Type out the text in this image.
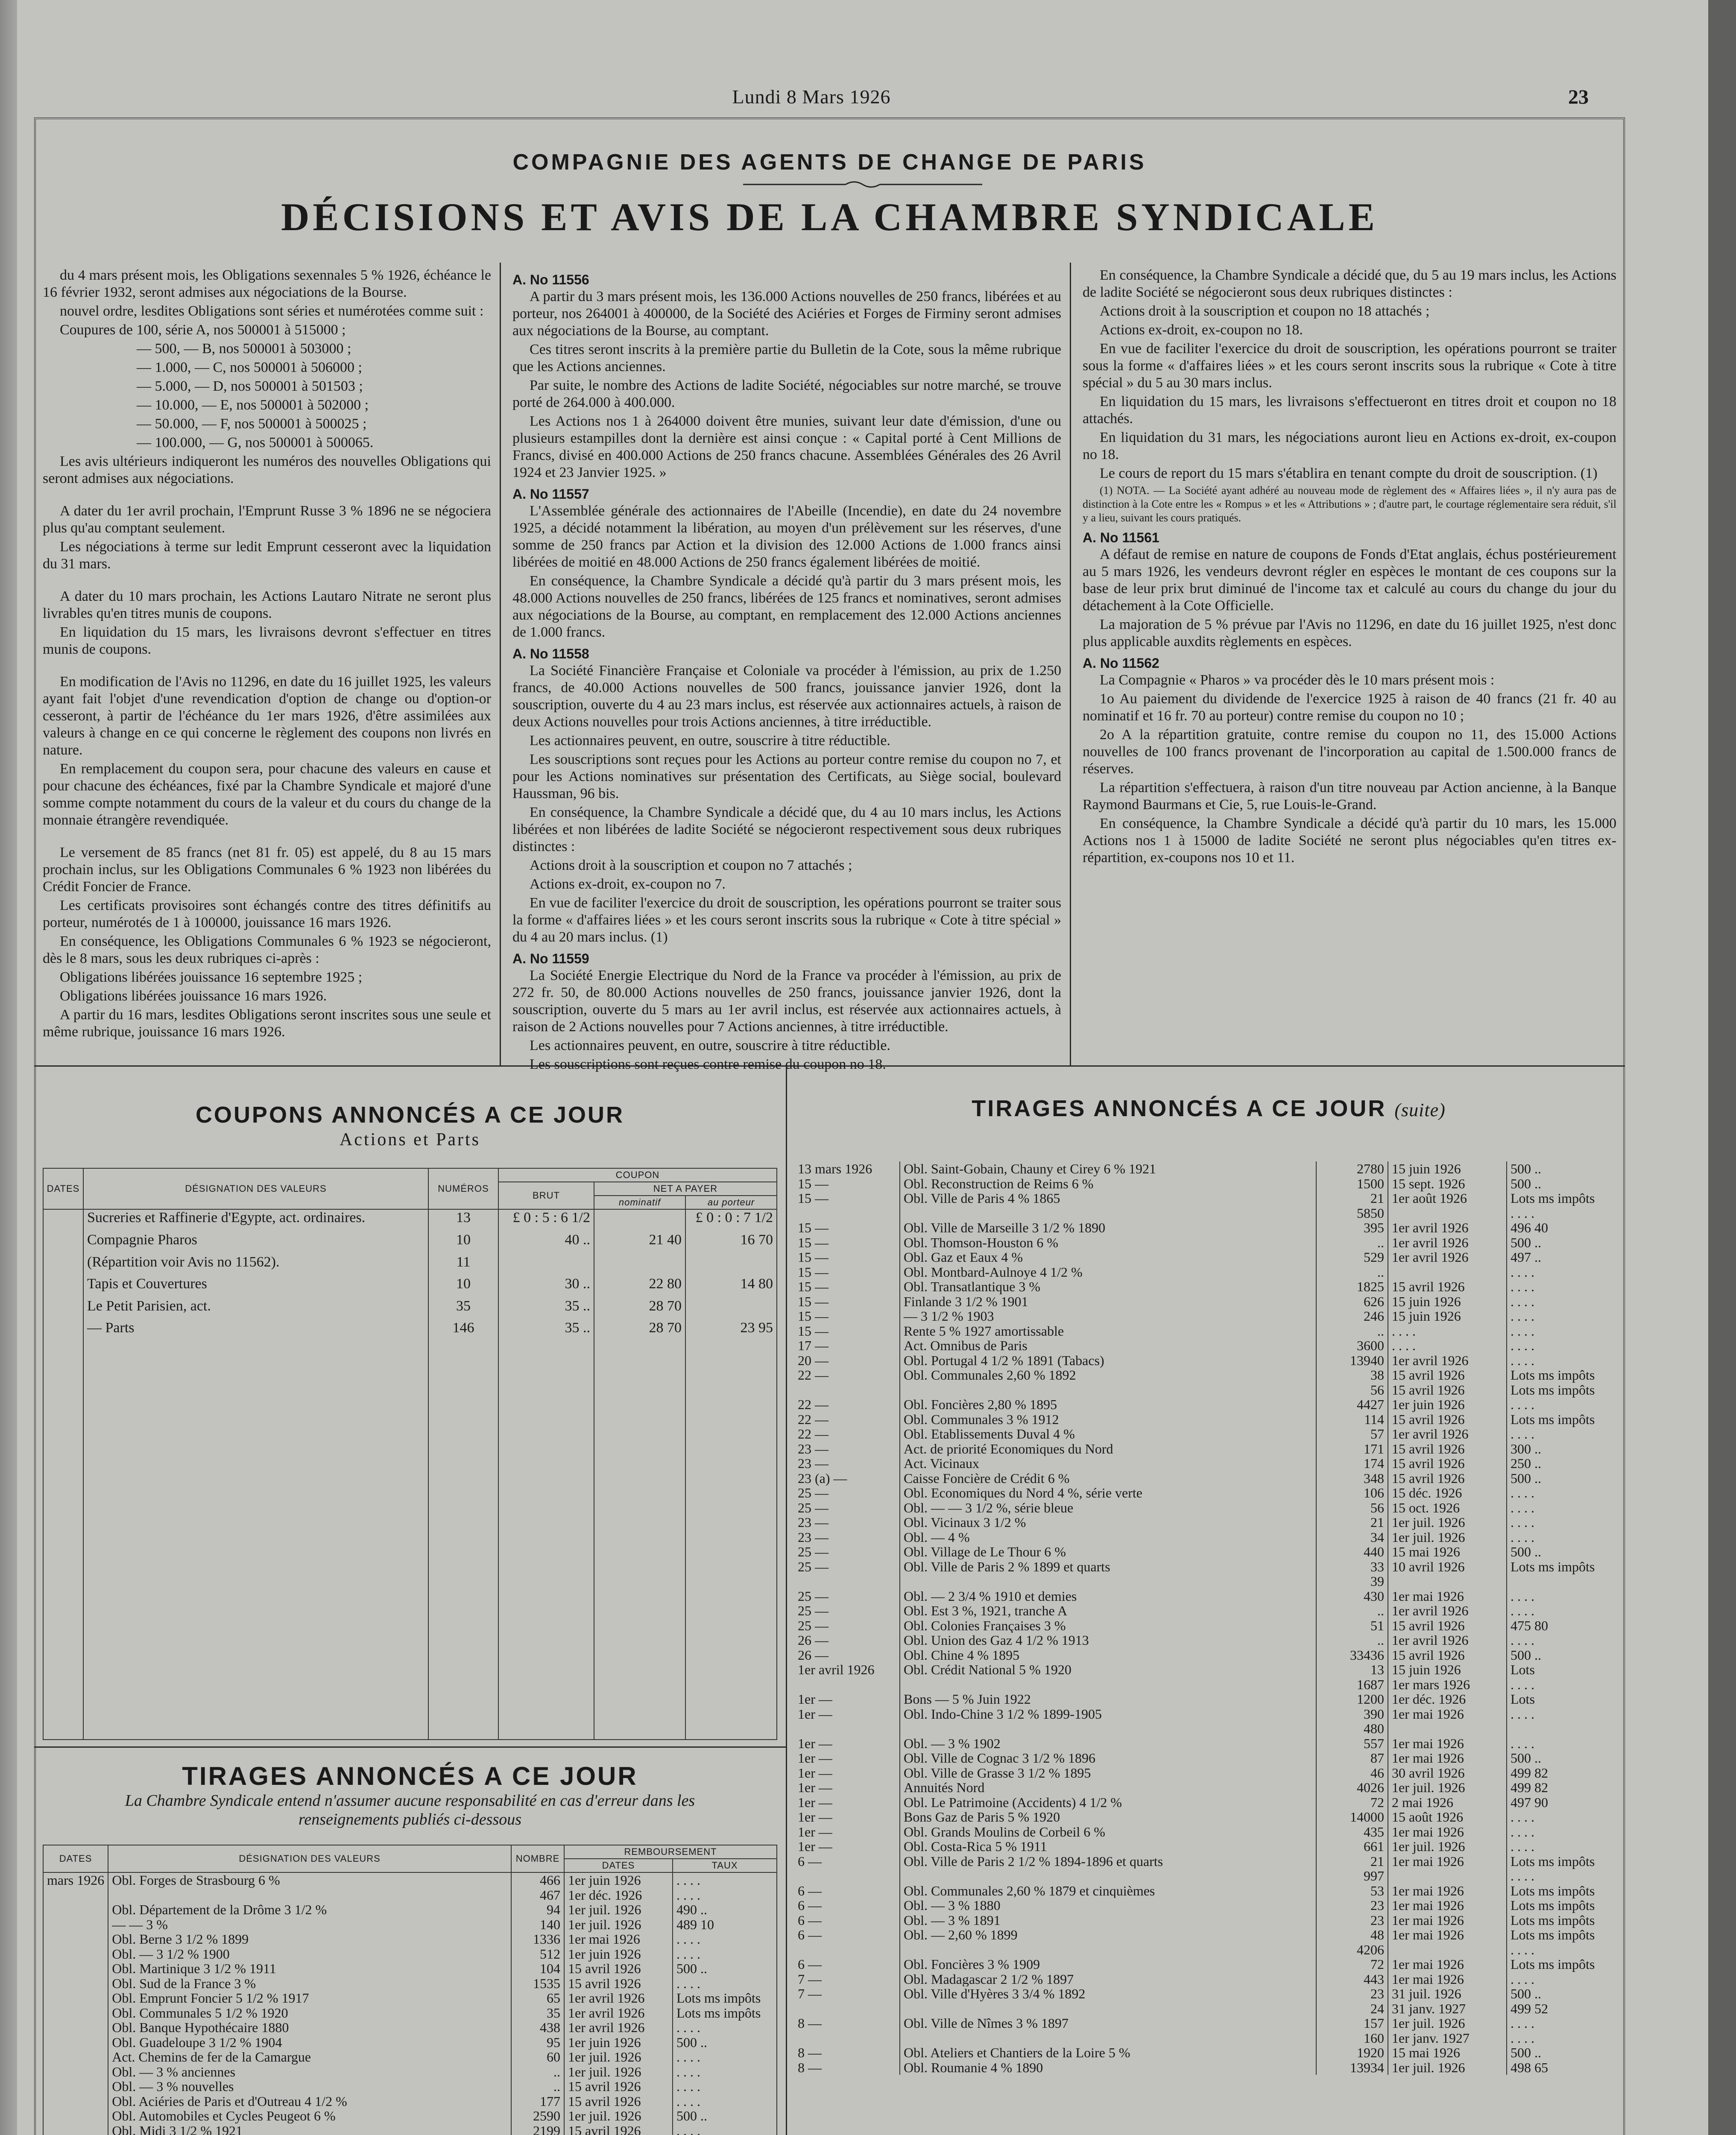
Lundi 8 Mars 1926	23
COMPAGNIE DES AGENTS DE CHANGE DE PARIS
DÉCISIONS ET AVIS DE LA CHAMBRE SYNDICALE

du 4 mars présent mois, les Obligations sexennales 5 % 1926, échéance le 16 février 1932, seront admises aux négociations de la Bourse.

nouvel ordre, lesdites Obligations sont séries et numérotées comme suit :

Coupures de 100, série A, nos 500001 à 515000 ;

— 500, — B, nos 500001 à 503000 ;

— 1.000, — C, nos 500001 à 506000 ;

— 5.000, — D, nos 500001 à 501503 ;

— 10.000, — E, nos 500001 à 502000 ;

— 50.000, — F, nos 500001 à 500025 ;

— 100.000, — G, nos 500001 à 500065.

Les avis ultérieurs indiqueront les numéros des nouvelles Obligations qui seront admises aux négociations.

A dater du 1er avril prochain, l'Emprunt Russe 3 % 1896 ne se négociera plus qu'au comptant seulement.

Les négociations à terme sur ledit Emprunt cesseront avec la liquidation du 31 mars.

A dater du 10 mars prochain, les Actions Lautaro Nitrate ne seront plus livrables qu'en titres munis de coupons.

En liquidation du 15 mars, les livraisons devront s'effectuer en titres munis de coupons.

En modification de l'Avis no 11296, en date du 16 juillet 1925, les valeurs ayant fait l'objet d'une revendication d'option de change ou d'option-or cesseront, à partir de l'échéance du 1er mars 1926, d'être assimilées aux valeurs à change en ce qui concerne le règlement des coupons non livrés en nature.

En remplacement du coupon sera, pour chacune des valeurs en cause et pour chacune des échéances, fixé par la Chambre Syndicale et majoré d'une somme compte notamment du cours de la valeur et du cours du change de la monnaie étrangère revendiquée.

Le versement de 85 francs (net 81 fr. 05) est appelé, du 8 au 15 mars prochain inclus, sur les Obligations Communales 6 % 1923 non libérées du Crédit Foncier de France.

Les certificats provisoires sont échangés contre des titres définitifs au porteur, numérotés de 1 à 100000, jouissance 16 mars 1926.

En conséquence, les Obligations Communales 6 % 1923 se négocieront, dès le 8 mars, sous les deux rubriques ci-après :

Obligations libérées jouissance 16 septembre 1925 ;

Obligations libérées jouissance 16 mars 1926.

A partir du 16 mars, lesdites Obligations seront inscrites sous une seule et même rubrique, jouissance 16 mars 1926.

A. No 11556

A partir du 3 mars présent mois, les 136.000 Actions nouvelles de 250 francs, libérées et au porteur, nos 264001 à 400000, de la Société des Aciéries et Forges de Firminy seront admises aux négociations de la Bourse, au comptant.

Ces titres seront inscrits à la première partie du Bulletin de la Cote, sous la même rubrique que les Actions anciennes.

Par suite, le nombre des Actions de ladite Société, négociables sur notre marché, se trouve porté de 264.000 à 400.000.

Les Actions nos 1 à 264000 doivent être munies, suivant leur date d'émission, d'une ou plusieurs estampilles dont la dernière est ainsi conçue : « Capital porté à Cent Millions de Francs, divisé en 400.000 Actions de 250 francs chacune. Assemblées Générales des 26 Avril 1924 et 23 Janvier 1925. »

A. No 11557

L'Assemblée générale des actionnaires de l'Abeille (Incendie), en date du 24 novembre 1925, a décidé notamment la libération, au moyen d'un prélèvement sur les réserves, d'une somme de 250 francs par Action et la division des 12.000 Actions de 1.000 francs ainsi libérées de moitié en 48.000 Actions de 250 francs également libérées de moitié.

En conséquence, la Chambre Syndicale a décidé qu'à partir du 3 mars présent mois, les 48.000 Actions nouvelles de 250 francs, libérées de 125 francs et nominatives, seront admises aux négociations de la Bourse, au comptant, en remplacement des 12.000 Actions anciennes de 1.000 francs.

A. No 11558

La Société Financière Française et Coloniale va procéder à l'émission, au prix de 1.250 francs, de 40.000 Actions nouvelles de 500 francs, jouissance janvier 1926, dont la souscription, ouverte du 4 au 23 mars inclus, est réservée aux actionnaires actuels, à raison de deux Actions nouvelles pour trois Actions anciennes, à titre irréductible.

Les actionnaires peuvent, en outre, souscrire à titre réductible.

Les souscriptions sont reçues pour les Actions au porteur contre remise du coupon no 7, et pour les Actions nominatives sur présentation des Certificats, au Siège social, boulevard Haussman, 96 bis.

En conséquence, la Chambre Syndicale a décidé que, du 4 au 10 mars inclus, les Actions libérées et non libérées de ladite Société se négocieront respectivement sous deux rubriques distinctes :

Actions droit à la souscription et coupon no 7 attachés ;

Actions ex-droit, ex-coupon no 7.

En vue de faciliter l'exercice du droit de souscription, les opérations pourront se traiter sous la forme « d'affaires liées » et les cours seront inscrits sous la rubrique « Cote à titre spécial » du 4 au 20 mars inclus. (1)

A. No 11559

La Société Energie Electrique du Nord de la France va procéder à l'émission, au prix de 272 fr. 50, de 80.000 Actions nouvelles de 250 francs, jouissance janvier 1926, dont la souscription, ouverte du 5 mars au 1er avril inclus, est réservée aux actionnaires actuels, à raison de 2 Actions nouvelles pour 7 Actions anciennes, à titre irréductible.

Les actionnaires peuvent, en outre, souscrire à titre réductible.

Les souscriptions sont reçues contre remise du coupon no 18.

En conséquence, la Chambre Syndicale a décidé que, du 5 au 19 mars inclus, les Actions de ladite Société se négocieront sous deux rubriques distinctes :

Actions droit à la souscription et coupon no 18 attachés ;

Actions ex-droit, ex-coupon no 18.

En vue de faciliter l'exercice du droit de souscription, les opérations pourront se traiter sous la forme « d'affaires liées » et les cours seront inscrits sous la rubrique « Cote à titre spécial » du 5 au 30 mars inclus.

En liquidation du 15 mars, les livraisons s'effectueront en titres droit et coupon no 18 attachés.

En liquidation du 31 mars, les négociations auront lieu en Actions ex-droit, ex-coupon no 18.

Le cours de report du 15 mars s'établira en tenant compte du droit de souscription. (1)

(1) NOTA. — La Société ayant adhéré au nouveau mode de règlement des « Affaires liées », il n'y aura pas de distinction à la Cote entre les « Rompus » et les « Attributions » ; d'autre part, le courtage réglementaire sera réduit, s'il y a lieu, suivant les cours pratiqués.

A. No 11561

A défaut de remise en nature de coupons de Fonds d'Etat anglais, échus postérieurement au 5 mars 1926, les vendeurs devront régler en espèces le montant de ces coupons sur la base de leur prix brut diminué de l'income tax et calculé au cours du change du jour du détachement à la Cote Officielle.

La majoration de 5 % prévue par l'Avis no 11296, en date du 16 juillet 1925, n'est donc plus applicable auxdits règlements en espèces.

A. No 11562

La Compagnie « Pharos » va procéder dès le 10 mars présent mois :

1o Au paiement du dividende de l'exercice 1925 à raison de 40 francs (21 fr. 40 au nominatif et 16 fr. 70 au porteur) contre remise du coupon no 10 ;

2o A la répartition gratuite, contre remise du coupon no 11, des 15.000 Actions nouvelles de 100 francs provenant de l'incorporation au capital de 1.500.000 francs de réserves.

La répartition s'effectuera, à raison d'un titre nouveau par Action ancienne, à la Banque Raymond Baurmans et Cie, 5, rue Louis-le-Grand.

En conséquence, la Chambre Syndicale a décidé qu'à partir du 10 mars, les 15.000 Actions nos 1 à 15000 de ladite Société ne seront plus négociables qu'en titres ex-répartition, ex-coupons nos 10 et 11.

COUPONS ANNONCÉS A CE JOUR
Actions et Parts
DATES	DÉSIGNATION DES VALEURS	NUMÉROS	COUPON		
			BRUT	NET A PAYER	
				nominatif	au porteur
	Sucreries et Raffinerie d'Egypte, act. ordinaires.	13	£ 0 : 5 : 6 1/2		£ 0 : 0 : 7 1/2
	Compagnie Pharos	10	40 ..	21 40	16 70
	(Répartition voir Avis no 11562).	11			
	Tapis et Couvertures	10	30 ..	22 80	14 80
	Le Petit Parisien, act.	35	35 ..	28 70	
	— Parts	146	35 ..	28 70	23 95

TIRAGES ANNONCÉS A CE JOUR
La Chambre Syndicale entend n'assumer aucune responsabilité en cas d'erreur dans les renseignements publiés ci-dessous
DATES	DÉSIGNATION DES VALEURS	NOMBRE	REMBOURSEMENT	
			DATES	TAUX
mars 1926	Obl. Forges de Strasbourg 6 %	466	1er juin 1926	. . . .
		467	1er déc. 1926	. . . .
	Obl. Département de la Drôme 3 1/2 %	94	1er juil. 1926	490 ..
	— — 3 %	140	1er juil. 1926	489 10
	Obl. Berne 3 1/2 % 1899	1336	1er mai 1926	. . . .
	Obl. — 3 1/2 % 1900	512	1er juin 1926	. . . .
	Obl. Martinique 3 1/2 % 1911	104	15 avril 1926	500 ..
	Obl. Sud de la France 3 %	1535	15 avril 1926	. . . .
	Obl. Emprunt Foncier 5 1/2 % 1917	65	1er avril 1926	Lots ms impôts
	Obl. Communales 5 1/2 % 1920	35	1er avril 1926	Lots ms impôts
	Obl. Banque Hypothécaire 1880	438	1er avril 1926	. . . .
	Obl. Guadeloupe 3 1/2 % 1904	95	1er juin 1926	500 ..
	Act. Chemins de fer de la Camargue	60	1er juil. 1926	. . . .
	Obl. — 3 % anciennes	..	1er juil. 1926	. . . .
	Obl. — 3 % nouvelles	..	15 avril 1926	. . . .
	Obl. Aciéries de Paris et d'Outreau 4 1/2 %	177	15 avril 1926	. . . .
	Obl. Automobiles et Cycles Peugeot 6 %	2590	1er juil. 1926	500 ..
	Obl. Midi 3 1/2 % 1921	2199	15 avril 1926	. . . .

TIRAGES ANNONCÉS A CE JOUR (suite)
13 mars 1926	Obl. Saint-Gobain, Chauny et Cirey 6 % 1921	2780	15 juin 1926	500 ..
15 —	Obl. Reconstruction de Reims 6 %	1500	15 sept. 1926	500 ..
15 —	Obl. Ville de Paris 4 % 1865	21	1er août 1926	Lots ms impôts
		5850		. . . .
15 —	Obl. Ville de Marseille 3 1/2 % 1890	395	1er avril 1926	496 40
15 —	Obl. Thomson-Houston 6 %	..	1er avril 1926	500 ..
15 —	Obl. Gaz et Eaux 4 %	529	1er avril 1926	497 ..
15 —	Obl. Montbard-Aulnoye 4 1/2 %	..		. . . .
15 —	Obl. Transatlantique 3 %	1825	15 avril 1926	. . . .
15 —	Finlande 3 1/2 % 1901	626	15 juin 1926	. . . .
15 —	— 3 1/2 % 1903	246	15 juin 1926	. . . .
15 —	Rente 5 % 1927 amortissable	..	. . . .	. . . .
17 —	Act. Omnibus de Paris	3600	. . . .	. . . .
20 —	Obl. Portugal 4 1/2 % 1891 (Tabacs)	13940	1er avril 1926	. . . .
22 —	Obl. Communales 2,60 % 1892	38	15 avril 1926	Lots ms impôts
		56	15 avril 1926	Lots ms impôts
22 —	Obl. Foncières 2,80 % 1895	4427	1er juin 1926	. . . .
22 —	Obl. Communales 3 % 1912	114	15 avril 1926	Lots ms impôts
22 —	Obl. Etablissements Duval 4 %	57	1er avril 1926	. . . .
23 —	Act. de priorité Economiques du Nord	171	15 avril 1926	300 ..
23 —	Act. Vicinaux	174	15 avril 1926	250 ..
23 (a) —	Caisse Foncière de Crédit 6 %	348	15 avril 1926	500 ..
25 —	Obl. Economiques du Nord 4 %, série verte	106	15 déc. 1926	. . . .
25 —	Obl. — — 3 1/2 %, série bleue	56	15 oct. 1926	. . . .
23 —	Obl. Vicinaux 3 1/2 %	21	1er juil. 1926	. . . .
23 —	Obl. — 4 %	34	1er juil. 1926	. . . .
25 —	Obl. Village de Le Thour 6 %	440	15 mai 1926	500 ..
25 —	Obl. Ville de Paris 2 % 1899 et quarts	33	10 avril 1926	Lots ms impôts
		39		
25 —	Obl. — 2 3/4 % 1910 et demies	430	1er mai 1926	. . . .
25 —	Obl. Est 3 %, 1921, tranche A	..	1er avril 1926	. . . .
25 —	Obl. Colonies Françaises 3 %	51	15 avril 1926	475 80
26 —	Obl. Union des Gaz 4 1/2 % 1913	..	1er avril 1926	. . . .
26 —	Obl. Chine 4 % 1895	33436	15 avril 1926	500 ..
1er avril 1926	Obl. Crédit National 5 % 1920	13	15 juin 1926	Lots
		1687	1er mars 1926	. . . .
1er —	Bons — 5 % Juin 1922	1200	1er déc. 1926	Lots
1er —	Obl. Indo-Chine 3 1/2 % 1899-1905	390	1er mai 1926	. . . .
		480		
1er —	Obl. — 3 % 1902	557	1er mai 1926	. . . .
1er —	Obl. Ville de Cognac 3 1/2 % 1896	87	1er mai 1926	500 ..
1er —	Obl. Ville de Grasse 3 1/2 % 1895	46	30 avril 1926	499 82
1er —	Annuités Nord	4026	1er juil. 1926	499 82
1er —	Obl. Le Patrimoine (Accidents) 4 1/2 %	72	2 mai 1926	497 90
1er —	Bons Gaz de Paris 5 % 1920	14000	15 août 1926	. . . .
1er —	Obl. Grands Moulins de Corbeil 6 %	435	1er mai 1926	. . . .
1er —	Obl. Costa-Rica 5 % 1911	661	1er juil. 1926	. . . .
6 —	Obl. Ville de Paris 2 1/2 % 1894-1896 et quarts	21	1er mai 1926	Lots ms impôts
		997		. . . .
6 —	Obl. Communales 2,60 % 1879 et cinquièmes	53	1er mai 1926	Lots ms impôts
6 —	Obl. — 3 % 1880	23	1er mai 1926	Lots ms impôts
6 —	Obl. — 3 % 1891	23	1er mai 1926	Lots ms impôts
6 —	Obl. — 2,60 % 1899	48	1er mai 1926	Lots ms impôts
		4206		. . . .
6 —	Obl. Foncières 3 % 1909	72	1er mai 1926	Lots ms impôts
7 —	Obl. Madagascar 2 1/2 % 1897	443	1er mai 1926	. . . .
7 —	Obl. Ville d'Hyères 3 3/4 % 1892	23	31 juil. 1926	500 ..
		24	31 janv. 1927	499 52
8 —	Obl. Ville de Nîmes 3 % 1897	157	1er juil. 1926	. . . .
		160	1er janv. 1927	. . . .
8 —	Obl. Ateliers et Chantiers de la Loire 5 %	1920	15 mai 1926	500 ..
8 —	Obl. Roumanie 4 % 1890	13934	1er juil. 1926	498 65
